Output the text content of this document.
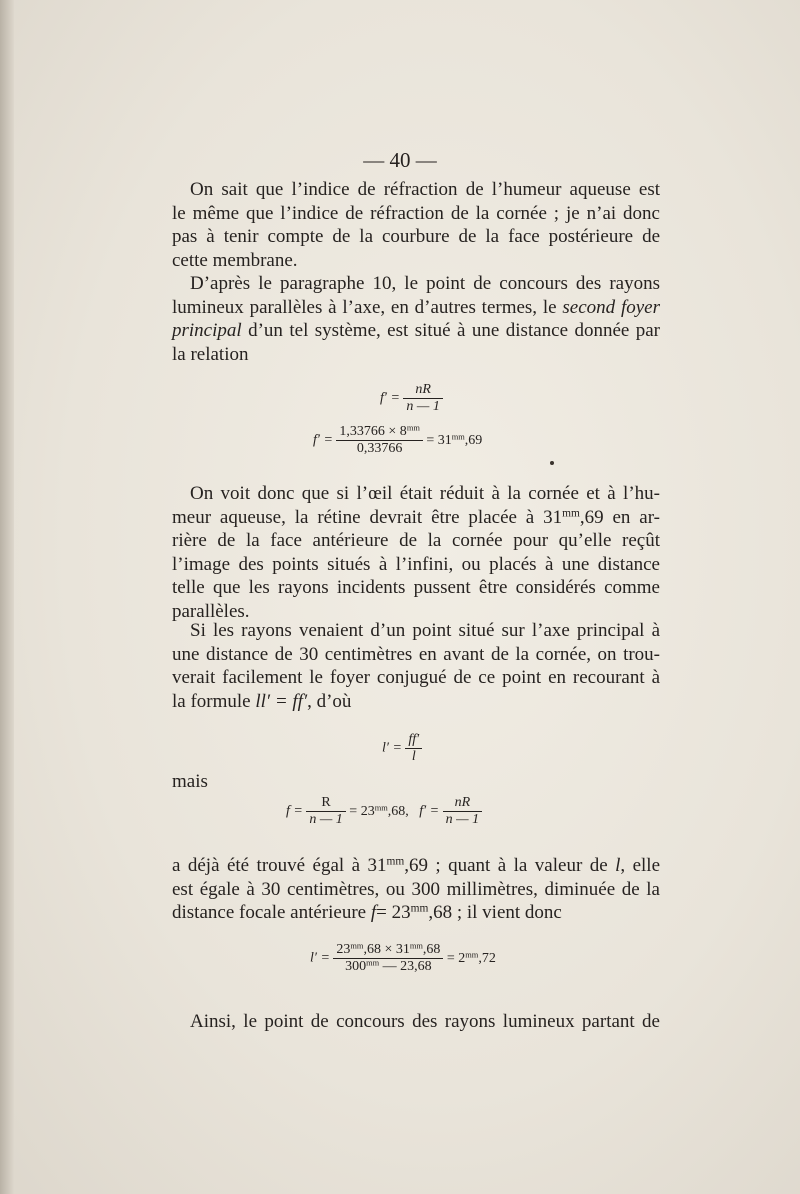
— 40 —
On sait que l’indice de réfraction de l’humeur aqueuse est
le même que l’indice de réfraction de la cornée ; je n’ai donc
pas à tenir compte de la courbure de la face postérieure de
cette membrane.
D’après le paragraphe 10, le point de concours des rayons
lumineux parallèles à l’axe, en d’autres termes, le second foyer
principal d’un tel système, est situé à une distance donnée par
la relation
$f' = \frac{nR}{n — 1}$
$f' = \frac{1,33766 \times 8^{mm}}{0,33766} = 31^{mm},69$
On voit donc que si l’œil était réduit à la cornée et à l’hu-
meur aqueuse, la rétine devrait être placée à $31^{mm},69$ en ar-
rière de la face antérieure de la cornée pour qu’elle reçût
l’image des points situés à l’infini, ou placés à une distance
telle que les rayons incidents pussent être considérés comme
parallèles.
Si les rayons venaient d’un point situé sur l’axe principal à
une distance de 30 centimètres en avant de la cornée, on trou-
verait facilement le foyer conjugué de ce point en recourant à
la formule ll′ = ff′, d’où
$l' = \frac{ff'}{l}$
mais
$f = \frac{R}{n — 1} = 23^{mm},68$, $f' = \frac{nR}{n — 1}$
a déjà été trouvé égal à $31^{mm},69$ ; quant à la valeur de l, elle
est égale à 30 centimètres, ou 300 millimètres, diminuée de la
distance focale antérieure $f= 23^{mm},68$ ; il vient donc
$l' = \frac{23^{mm},68 \times 31^{mm},68}{300^{mm} — 23,68} = 2^{mm},72$
Ainsi, le point de concours des rayons lumineux partant de
